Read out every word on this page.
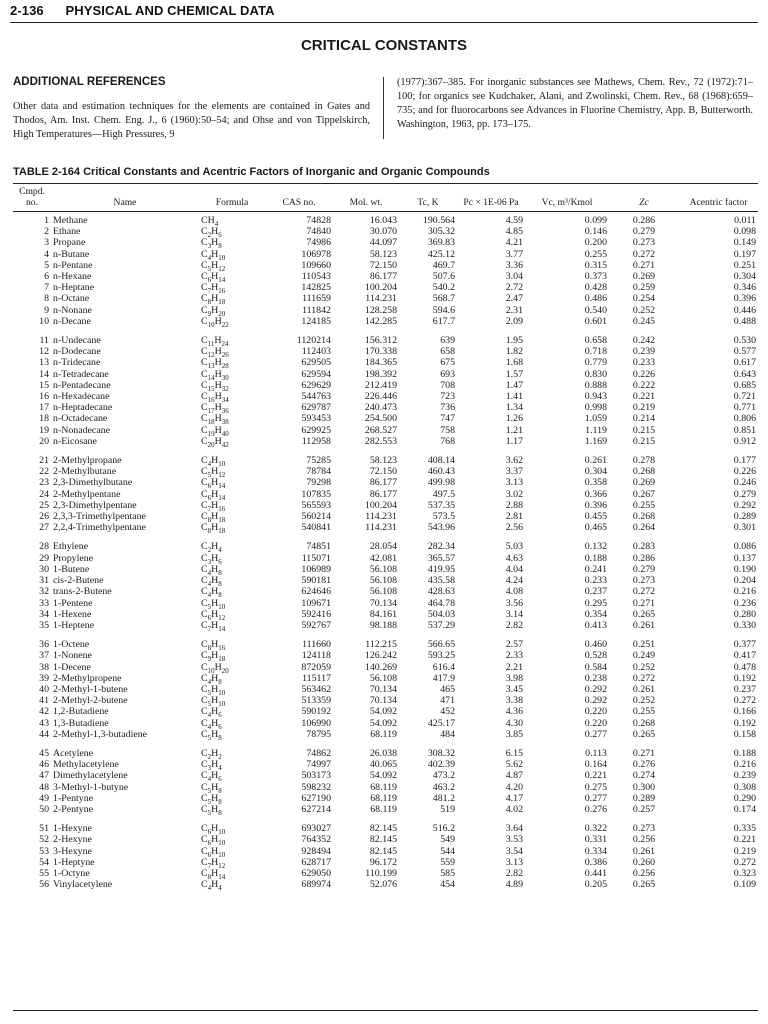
2-136 PHYSICAL AND CHEMICAL DATA
CRITICAL CONSTANTS
ADDITIONAL REFERENCES
Other data and estimation techniques for the elements are contained in Gates and Thodos, Am. Inst. Chem. Eng. J., 6 (1960):50–54; and Ohse and von Tippelskirch, High Temperatures—High Pressures, 9
(1977):367–385. For inorganic substances see Mathews, Chem. Rev., 72 (1972):71–100; for organics see Kudchaker, Alani, and Zwolinski, Chem. Rev., 68 (1968):659–735; and for fluorocarbons see Advances in Fluorine Chemistry, App. B, Butterworth. Washington, 1963, pp. 173–175.
TABLE 2-164 Critical Constants and Acentric Factors of Inorganic and Organic Compounds
Cmpd. no.	Name	Formula	CAS no.	Mol. wt.	Tc, K	Pc × 1E-06 Pa	Vc, m³/Kmol	Zc	Acentric factor
1	Methane	$CH_4$	74828	16.043	190.564	4.59	0.099	0.286	0.011
2	Ethane	$C_2H_6$	74840	30.070	305.32	4.85	0.146	0.279	0.098
3	Propane	$C_3H_8$	74986	44.097	369.83	4.21	0.200	0.273	0.149
4	n-Butane	$C_4H_{10}$	106978	58.123	425.12	3.77	0.255	0.272	0.197
5	n-Pentane	$C_5H_{12}$	109660	72.150	469.7	3.36	0.315	0.271	0.251
6	n-Hexane	$C_6H_{14}$	110543	86.177	507.6	3.04	0.373	0.269	0.304
7	n-Heptane	$C_7H_{16}$	142825	100.204	540.2	2.72	0.428	0.259	0.346
8	n-Octane	$C_8H_{18}$	111659	114.231	568.7	2.47	0.486	0.254	0.396
9	n-Nonane	$C_9H_{20}$	111842	128.258	594.6	2.31	0.540	0.252	0.446
10	n-Decane	$C_{10}H_{22}$	124185	142.285	617.7	2.09	0.601	0.245	0.488
11	n-Undecane	$C_{11}H_{24}$	1120214	156.312	639	1.95	0.658	0.242	0.530
12	n-Dodecane	$C_{12}H_{26}$	112403	170.338	658	1.82	0.718	0.239	0.577
13	n-Tridecane	$C_{13}H_{28}$	629505	184.365	675	1.68	0.779	0.233	0.617
14	n-Tetradecane	$C_{14}H_{30}$	629594	198.392	693	1.57	0.830	0.226	0.643
15	n-Pentadecane	$C_{15}H_{32}$	629629	212.419	708	1.47	0.888	0.222	0.685
16	n-Hexadecane	$C_{16}H_{34}$	544763	226.446	723	1.41	0.943	0.221	0.721
17	n-Heptadecane	$C_{17}H_{36}$	629787	240.473	736	1.34	0.998	0.219	0.771
18	n-Octadecane	$C_{18}H_{38}$	593453	254.500	747	1.26	1.059	0.214	0.806
19	n-Nonadecane	$C_{19}H_{40}$	629925	268.527	758	1.21	1.119	0.215	0.851
20	n-Eicosane	$C_{20}H_{42}$	112958	282.553	768	1.17	1.169	0.215	0.912
21	2-Methylpropane	$C_4H_{10}$	75285	58.123	408.14	3.62	0.261	0.278	0.177
22	2-Methylbutane	$C_5H_{12}$	78784	72.150	460.43	3.37	0.304	0.268	0.226
23	2,3-Dimethylbutane	$C_6H_{14}$	79298	86.177	499.98	3.13	0.358	0.269	0.246
24	2-Methylpentane	$C_6H_{14}$	107835	86.177	497.5	3.02	0.366	0.267	0.279
25	2,3-Dimethylpentane	$C_7H_{16}$	565593	100.204	537.35	2.88	0.396	0.255	0.292
26	2,3,3-Trimethylpentane	$C_8H_{18}$	560214	114.231	573.5	2.81	0.455	0.268	0.289
27	2,2,4-Trimethylpentane	$C_8H_{18}$	540841	114.231	543.96	2.56	0.465	0.264	0.301
28	Ethylene	$C_2H_4$	74851	28.054	282.34	5.03	0.132	0.283	0.086
29	Propylene	$C_3H_6$	115071	42.081	365.57	4.63	0.188	0.286	0.137
30	1-Butene	$C_4H_8$	106989	56.108	419.95	4.04	0.241	0.279	0.190
31	cis-2-Butene	$C_4H_8$	590181	56.108	435.58	4.24	0.233	0.273	0.204
32	trans-2-Butene	$C_4H_8$	624646	56.108	428.63	4.08	0.237	0.272	0.216
33	1-Pentene	$C_5H_{10}$	109671	70.134	464.78	3.56	0.295	0.271	0.236
34	1-Hexene	$C_6H_{12}$	592416	84.161	504.03	3.14	0.354	0.265	0.280
35	1-Heptene	$C_7H_{14}$	592767	98.188	537.29	2.82	0.413	0.261	0.330
36	1-Octene	$C_8H_{16}$	111660	112.215	566.65	2.57	0.460	0.251	0.377
37	1-Nonene	$C_9H_{18}$	124118	126.242	593.25	2.33	0.528	0.249	0.417
38	1-Decene	$C_{10}H_{20}$	872059	140.269	616.4	2.21	0.584	0.252	0.478
39	2-Methylpropene	$C_4H_8$	115117	56.108	417.9	3.98	0.238	0.272	0.192
40	2-Methyl-1-butene	$C_5H_{10}$	563462	70.134	465	3.45	0.292	0.261	0.237
41	2-Methyl-2-butene	$C_5H_{10}$	513359	70.134	471	3.38	0.292	0.252	0.272
42	1,2-Butadiene	$C_4H_6$	590192	54.092	452	4.36	0.220	0.255	0.166
43	1,3-Butadiene	$C_4H_6$	106990	54.092	425.17	4.30	0.220	0.268	0.192
44	2-Methyl-1,3-butadiene	$C_5H_8$	78795	68.119	484	3.85	0.277	0.265	0.158
45	Acetylene	$C_2H_2$	74862	26.038	308.32	6.15	0.113	0.271	0.188
46	Methylacetylene	$C_3H_4$	74997	40.065	402.39	5.62	0.164	0.276	0.216
47	Dimethylacetylene	$C_4H_6$	503173	54.092	473.2	4.87	0.221	0.274	0.239
48	3-Methyl-1-butyne	$C_5H_8$	598232	68.119	463.2	4.20	0.275	0.300	0.308
49	1-Pentyne	$C_5H_8$	627190	68.119	481.2	4.17	0.277	0.289	0.290
50	2-Pentyne	$C_5H_8$	627214	68.119	519	4.02	0.276	0.257	0.174
51	1-Hexyne	$C_6H_{10}$	693027	82.145	516.2	3.64	0.322	0.273	0.335
52	2-Hexyne	$C_6H_{10}$	764352	82.145	549	3.53	0.331	0.256	0.221
53	3-Hexyne	$C_6H_{10}$	928494	82.145	544	3.54	0.334	0.261	0.219
54	1-Heptyne	$C_7H_{12}$	628717	96.172	559	3.13	0.386	0.260	0.272
55	1-Octyne	$C_8H_{14}$	629050	110.199	585	2.82	0.441	0.256	0.323
56	Vinylacetylene	$C_4H_4$	689974	52.076	454	4.89	0.205	0.265	0.109
